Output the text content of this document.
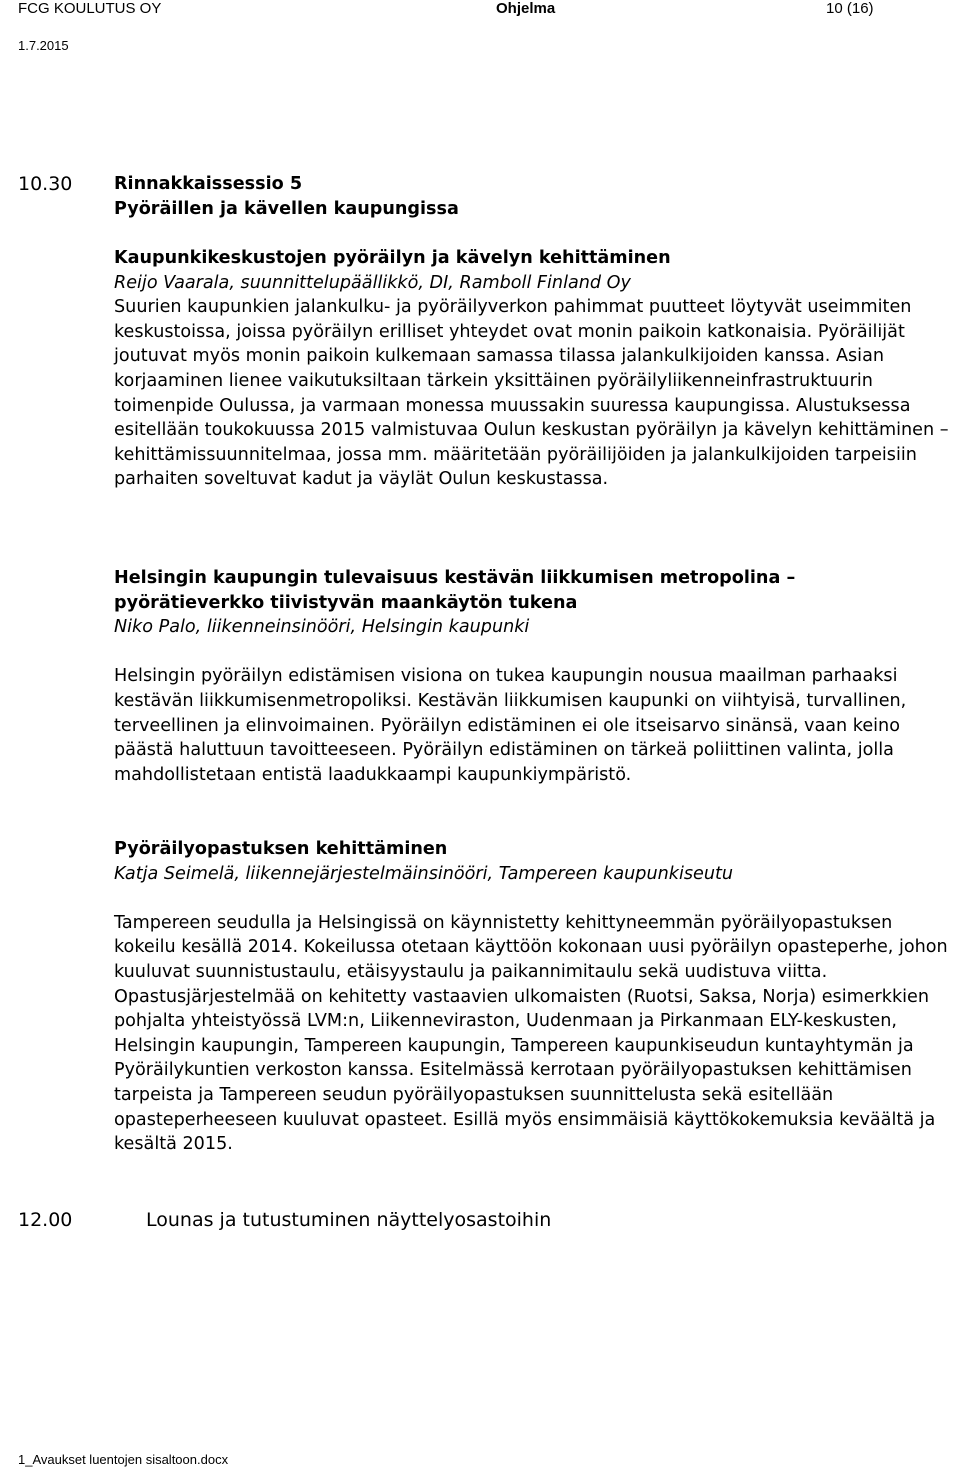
FCG KOULUTUS OY	Ohjelma	10 (16)
1.7.2015
10.30 Rinnakkaissessio 5

Pyöräillen ja kävellen kaupungissa

Kaupunkikeskustojen pyöräilyn ja kävelyn kehittäminen

Reijo Vaarala, suunnittelupäällikkö, DI, Ramboll Finland Oy

Suurien kaupunkien jalankulku- ja pyöräilyverkon pahimmat puutteet löytyvät useimmiten keskustoissa, joissa pyöräilyn erilliset yhteydet ovat monin paikoin katkonaisia. Pyöräilijät joutuvat myös monin paikoin kulkemaan samassa tilassa jalankulkijoiden kanssa. Asian korjaaminen lienee vaikutuksiltaan tärkein yksittäinen pyöräilyliikenneinfrastruktuurin toimenpide Oulussa, ja varmaan monessa muussakin suuressa kaupungissa. Alustuksessa esitellään toukokuussa 2015 valmistuvaa Oulun keskustan pyöräilyn ja kävelyn kehittäminen – kehittämissuunnitelmaa, jossa mm. määritetään pyöräilijöiden ja jalankulkijoiden tarpeisiin parhaiten soveltuvat kadut ja väylät Oulun keskustassa.

Helsingin kaupungin tulevaisuus kestävän liikkumisen metropolina – pyörätieverkko tiivistyvän maankäytön tukena

Niko Palo, liikenneinsinööri, Helsingin kaupunki

Helsingin pyöräilyn edistämisen visiona on tukea kaupungin nousua maailman parhaaksi kestävän liikkumisenmetropoliksi. Kestävän liikkumisen kaupunki on viihtyisä, turvallinen, terveellinen ja elinvoimainen. Pyöräilyn edistäminen ei ole itseisarvo sinänsä, vaan keino päästä haluttuun tavoitteeseen. Pyöräilyn edistäminen on tärkeä poliittinen valinta, jolla mahdollistetaan entistä laadukkaampi kaupunkiympäristö.

Pyöräilyopastuksen kehittäminen

Katja Seimelä, liikennejärjestelmäinsinööri, Tampereen kaupunkiseutu

Tampereen seudulla ja Helsingissä on käynnistetty kehittyneemmän pyöräilyopastuksen kokeilu kesällä 2014. Kokeilussa otetaan käyttöön kokonaan uusi pyöräilyn opasteperhe, johon kuuluvat suunnistustaulu, etäisyystaulu ja paikannimitaulu sekä uudistuva viitta. Opastusjärjestelmää on kehitetty vastaavien ulkomaisten (Ruotsi, Saksa, Norja) esimerkkien pohjalta yhteistyössä LVM:n, Liikenneviraston, Uudenmaan ja Pirkanmaan ELY-keskusten, Helsingin kaupungin, Tampereen kaupungin, Tampereen kaupunkiseudun kuntayhtymän ja Pyöräilykuntien verkoston kanssa. Esitelmässä kerrotaan pyöräilyopastuksen kehittämisen tarpeista ja Tampereen seudun pyöräilyopastuksen suunnittelusta sekä esitellään opasteperheeseen kuuluvat opasteet. Esillä myös ensimmäisiä käyttökokemuksia keväältä ja kesältä 2015.

12.00	Lounas ja tutustuminen näyttelyosastoihin
1_Avaukset luentojen sisaltoon.docx
